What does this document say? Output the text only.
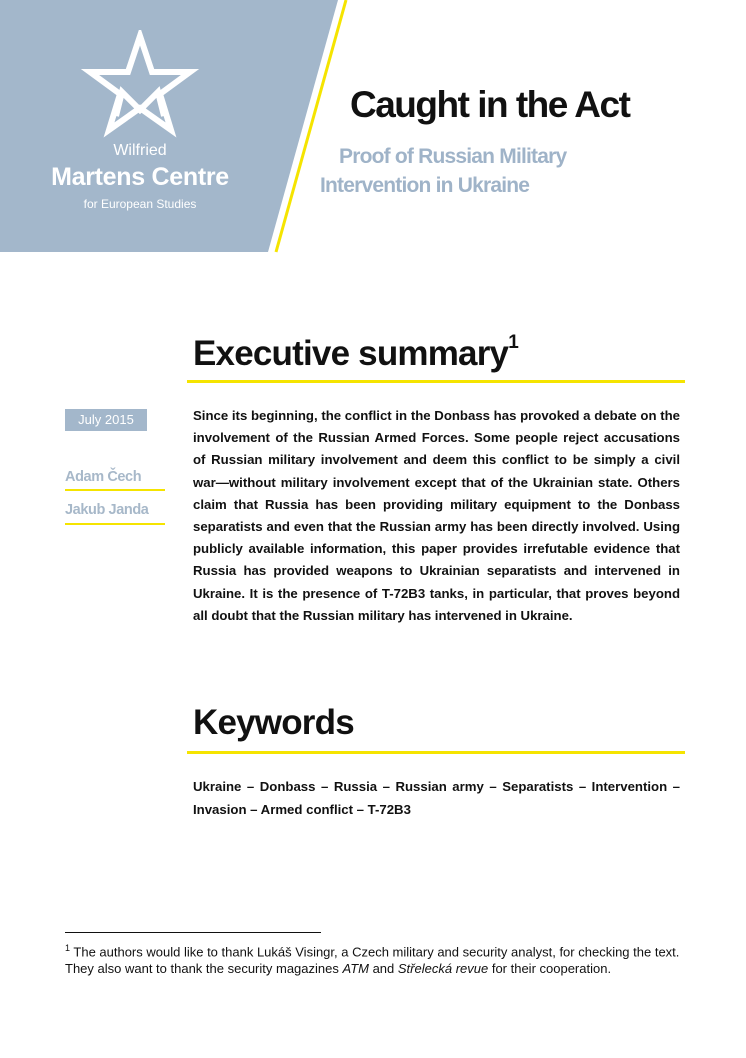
Wilfried
Martens Centre
for European Studies
Caught in the Act
Proof of Russian Military
Intervention in Ukraine
Executive summary$^1$
July 2015
Adam Čech
Jakub Janda

Since its beginning, the conflict in the Donbass has provoked a debate on the involvement of the Russian Armed Forces. Some people reject accusations of Russian military involvement and deem this conflict to be simply a civil war—without military involvement except that of the Ukrainian state. Others claim that Russia has been providing military equipment to the Donbass separatists and even that the Russian army has been directly involved. Using publicly available information, this paper provides irrefutable evidence that Russia has provided weapons to Ukrainian separatists and intervened in Ukraine. It is the presence of T-72B3 tanks, in particular, that proves beyond all doubt that the Russian military has intervened in Ukraine.

Keywords

Ukraine – Donbass – Russia – Russian army – Separatists – Intervention – Invasion – Armed conflict – T-72B3

$^1$ The authors would like to thank Lukáš Visingr, a Czech military and security analyst, for checking the text. They also want to thank the security magazines ATM and Střelecká revue for their cooperation.
